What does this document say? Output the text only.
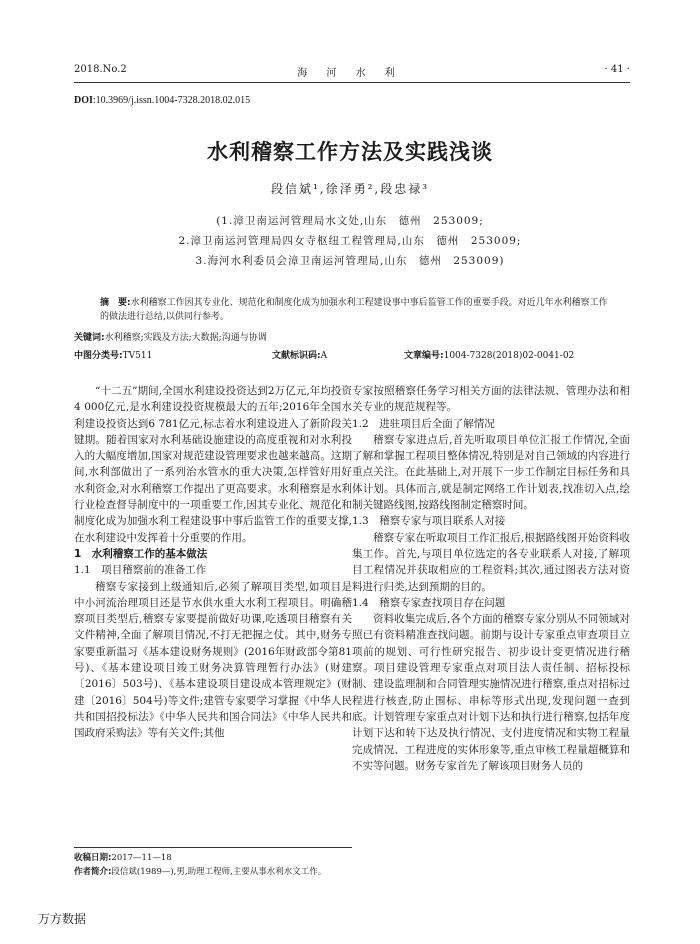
2018.No.2	海 河 水 利	· 41 ·
DOI:10.3969/j.issn.1004-7328.2018.02.015
水利稽察工作方法及实践浅谈
段信斌¹,徐泽勇²,段忠禄³
(1.漳卫南运河管理局水文处,山东　德州　253009;
2.漳卫南运河管理局四女寺枢纽工程管理局,山东　德州　253009;
3.海河水利委员会漳卫南运河管理局,山东　德州　253009)
摘　要:水利稽察工作因其专业化、规范化和制度化成为加强水利工程建设事中事后监管工作的重要手段。对近几年水利稽察工作的做法进行总结,以供同行参考。
关键词:水利稽察;实践及方法;大数据;沟通与协调
中图分类号:TV511	文献标识码:A	文章编号:1004-7328(2018)02-0041-02

“十二五”期间,全国水利建设投资达到2万亿元,年均投资4 000亿元,是水利建设投资规模最大的五年;2016年全国水利建设投资达到6 781亿元,标志着水利建设进入了新阶段关键期。随着国家对水利基础设施建设的高度重视和对水利投入的大幅度增加,国家对规范建设管理要求也越来越高。这期间,水利部做出了一系列治水管水的重大决策,怎样管好用好水利资金,对水利稽察工作提出了更高要求。水利稽察是水利行业检查督导制度中的一项重要工作,因其专业化、规范化和制度化成为加强水利工程建设事中事后监管工作的重要支撑,在水利建设中发挥着十分重要的作用。

1　水利稽察工作的基本做法

1.1　项目稽察前的准备工作

稽察专家接到上级通知后,必须了解项目类型,如项目是中小河流治理项目还是节水供水重大水利工程项目。明确稽察项目类型后,稽察专家要提前做好功课,吃透项目稽察有关文件精神,全面了解项目情况,不打无把握之仗。其中,财务专家要重新温习《基本建设财务规则》(2016年财政部令第81号)、《基本建设项目竣工财务决算管理暂行办法》(财建〔2016〕503号)、《基本建设项目建设成本管理规定》(财建〔2016〕504号)等文件;建管专家要学习掌握《中华人民共和国招投标法》《中华人民共和国合同法》《中华人民共和国政府采购法》等有关文件;其他

专家按照稽察任务学习相关方面的法律法规、管理办法和相关专业的规范规程等。

1.2　进驻项目后全面了解情况

稽察专家进点后,首先听取项目单位汇报工作情况,全面了解和掌握工程项目整体情况,特别是对自己领域的内容进行重点关注。在此基础上,对开展下一步工作制定目标任务和具体计划。具体而言,就是制定网络工作计划表,找准切入点,绘制关键路线图,按路线图制定稽察时间。

1.3　稽察专家与项目联系人对接

稽察专家在听取项目工作汇报后,根据路线图开始资料收集工作。首先,与项目单位选定的各专业联系人对接,了解项目工程情况并获取相应的工程资料;其次,通过图表方法对资料进行归类,达到预期的目的。

1.4　稽察专家查找项目存在问题

资料收集完成后,各个方面的稽察专家分别从不同领域对照已有资料精准查找问题。前期与设计专家重点审查项目立项前的规划、可行性研究报告、初步设计变更情况进行稽察。项目建设管理专家重点对项目法人责任制、招标投标制、建设监理制和合同管理实施情况进行稽察,重点对招标过程进行核查,防止围标、串标等形式出现,发现问题一查到底。计划管理专家重点对计划下达和执行进行稽察,包括年度计划下达和转下达及执行情况、支付进度情况和实物工程量完成情况、工程进度的实体形象等,重点审核工程量超概算和不实等问题。财务专家首先了解该项目财务人员的

收稿日期:2017—11—18
作者简介:段信斌(1989—),男,助理工程师,主要从事水利水文工作。
万方数据
